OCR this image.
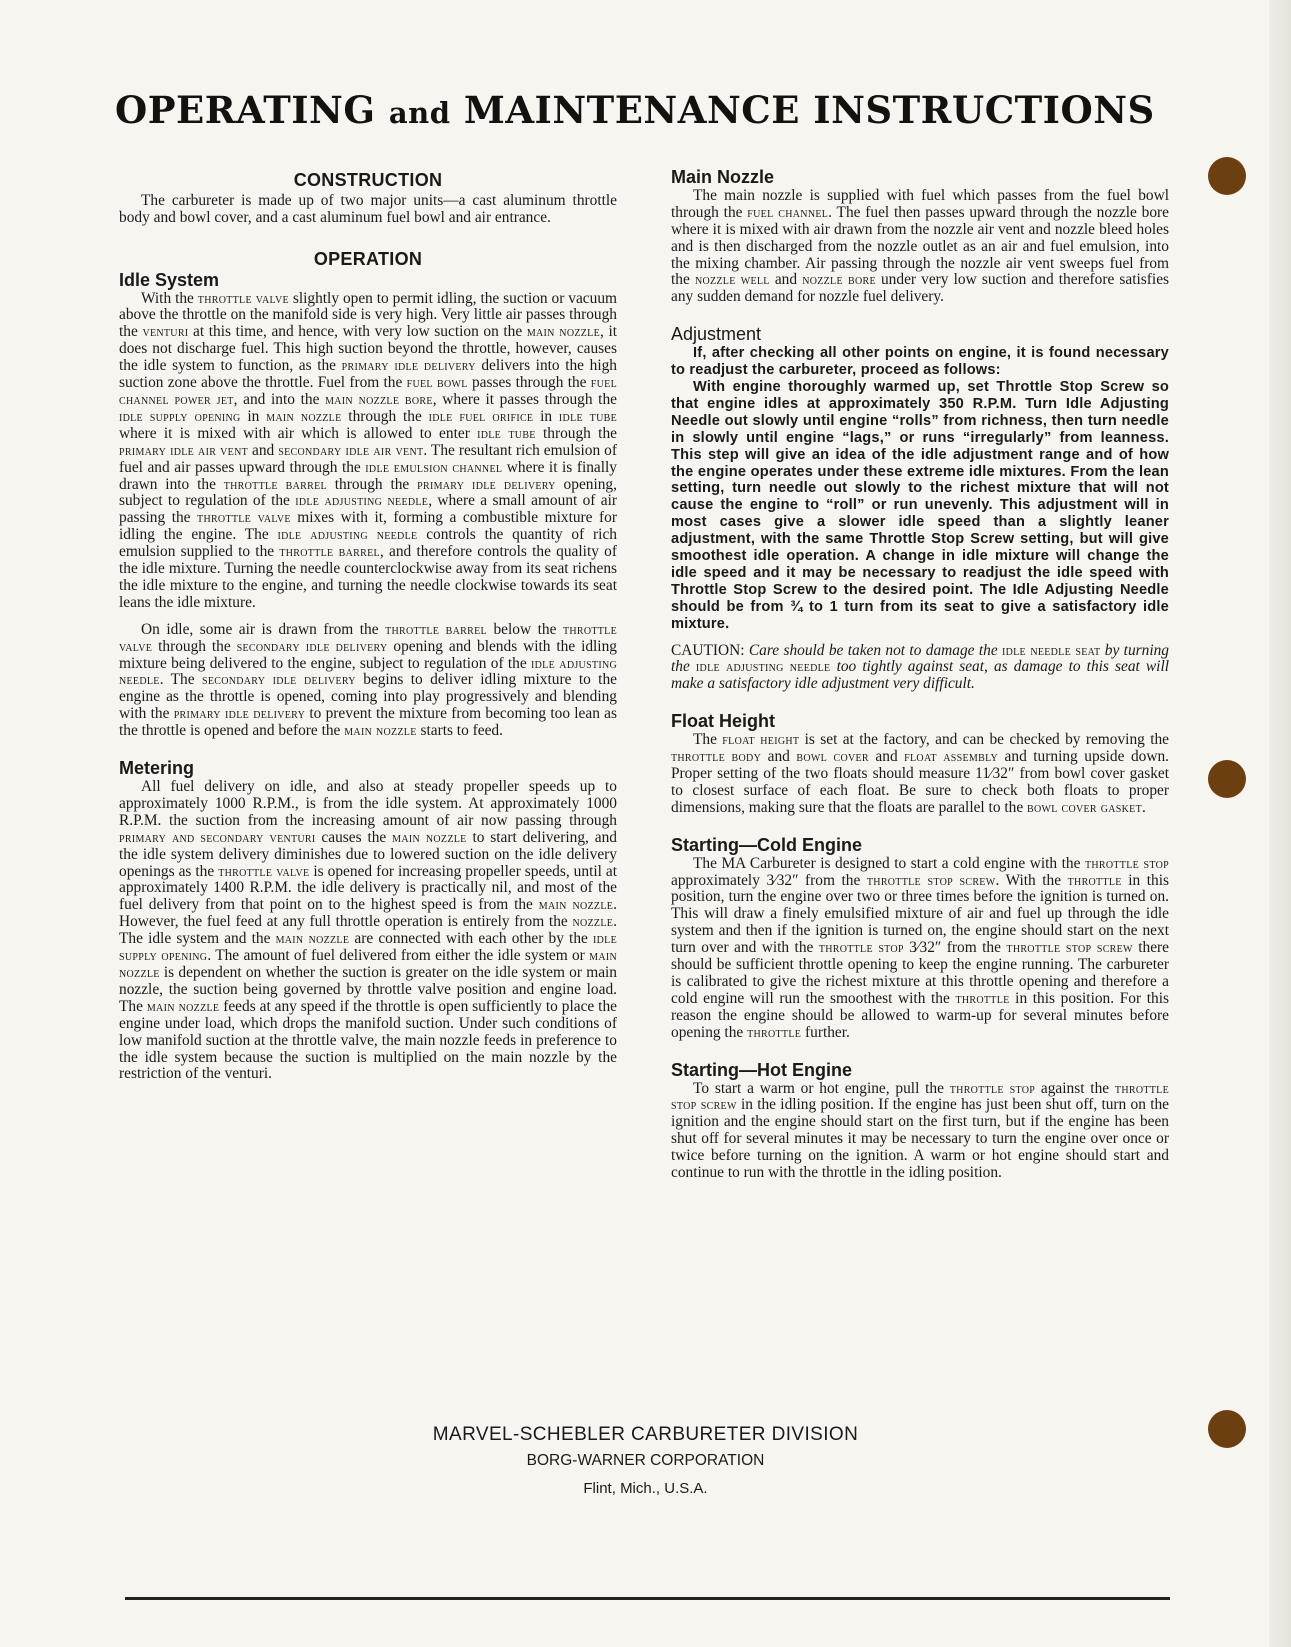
OPERATING and MAINTENANCE INSTRUCTIONS
CONSTRUCTION

The carbureter is made up of two major units—a cast aluminum throttle body and bowl cover, and a cast aluminum fuel bowl and air entrance.

OPERATION
Idle System

With the throttle valve slightly open to permit idling, the suction or vacuum above the throttle on the manifold side is very high. Very little air passes through the venturi at this time, and hence, with very low suction on the main nozzle, it does not discharge fuel. This high suction beyond the throttle, however, causes the idle system to function, as the primary idle delivery delivers into the high suction zone above the throttle. Fuel from the fuel bowl passes through the fuel channel power jet, and into the main nozzle bore, where it passes through the idle supply opening in main nozzle through the idle fuel orifice in idle tube where it is mixed with air which is allowed to enter idle tube through the primary idle air vent and secondary idle air vent. The resultant rich emulsion of fuel and air passes upward through the idle emulsion channel where it is finally drawn into the throttle barrel through the primary idle delivery opening, subject to regulation of the idle adjusting needle, where a small amount of air passing the throttle valve mixes with it, forming a combustible mixture for idling the engine. The idle adjusting needle controls the quantity of rich emulsion supplied to the throttle barrel, and therefore controls the quality of the idle mixture. Turning the needle counterclockwise away from its seat richens the idle mixture to the engine, and turning the needle clockwise towards its seat leans the idle mixture.

On idle, some air is drawn from the throttle barrel below the throttle valve through the secondary idle delivery opening and blends with the idling mixture being delivered to the engine, subject to regulation of the idle adjusting needle. The secondary idle delivery begins to deliver idling mixture to the engine as the throttle is opened, coming into play progressively and blending with the primary idle delivery to prevent the mixture from becoming too lean as the throttle is opened and before the main nozzle starts to feed.

Metering

All fuel delivery on idle, and also at steady propeller speeds up to approximately 1000 R.P.M., is from the idle system. At approximately 1000 R.P.M. the suction from the increasing amount of air now passing through primary and secondary venturi causes the main nozzle to start delivering, and the idle system delivery diminishes due to lowered suction on the idle delivery openings as the throttle valve is opened for increasing propeller speeds, until at approximately 1400 R.P.M. the idle delivery is practically nil, and most of the fuel delivery from that point on to the highest speed is from the main nozzle. However, the fuel feed at any full throttle operation is entirely from the nozzle. The idle system and the main nozzle are connected with each other by the idle supply opening. The amount of fuel delivered from either the idle system or main nozzle is dependent on whether the suction is greater on the idle system or main nozzle, the suction being governed by throttle valve position and engine load. The main nozzle feeds at any speed if the throttle is open sufficiently to place the engine under load, which drops the manifold suction. Under such conditions of low manifold suction at the throttle valve, the main nozzle feeds in preference to the idle system because the suction is multiplied on the main nozzle by the restriction of the venturi.

Main Nozzle

The main nozzle is supplied with fuel which passes from the fuel bowl through the fuel channel. The fuel then passes upward through the nozzle bore where it is mixed with air drawn from the nozzle air vent and nozzle bleed holes and is then discharged from the nozzle outlet as an air and fuel emulsion, into the mixing chamber. Air passing through the nozzle air vent sweeps fuel from the nozzle well and nozzle bore under very low suction and therefore satisfies any sudden demand for nozzle fuel delivery.

Adjustment

If, after checking all other points on engine, it is found necessary to readjust the carbureter, proceed as follows:

With engine thoroughly warmed up, set Throttle Stop Screw so that engine idles at approximately 350 R.P.M. Turn Idle Adjusting Needle out slowly until engine “rolls” from richness, then turn needle in slowly until engine “lags,” or runs “irregularly” from leanness. This step will give an idea of the idle adjustment range and of how the engine operates under these extreme idle mixtures. From the lean setting, turn needle out slowly to the richest mixture that will not cause the engine to “roll” or run unevenly. This adjustment will in most cases give a slower idle speed than a slightly leaner adjustment, with the same Throttle Stop Screw setting, but will give smoothest idle operation. A change in idle mixture will change the idle speed and it may be necessary to readjust the idle speed with Throttle Stop Screw to the desired point. The Idle Adjusting Needle should be from ¾ to 1 turn from its seat to give a satisfactory idle mixture.

CAUTION: Care should be taken not to damage the idle needle seat by turning the idle adjusting needle too tightly against seat, as damage to this seat will make a satisfactory idle adjustment very difficult.

Float Height

The float height is set at the factory, and can be checked by removing the throttle body and bowl cover and float assembly and turning upside down. Proper setting of the two floats should measure 11⁄32″ from bowl cover gasket to closest surface of each float. Be sure to check both floats to proper dimensions, making sure that the floats are parallel to the bowl cover gasket.

Starting—Cold Engine

The MA Carbureter is designed to start a cold engine with the throttle stop approximately 3⁄32″ from the throttle stop screw. With the throttle in this position, turn the engine over two or three times before the ignition is turned on. This will draw a finely emulsified mixture of air and fuel up through the idle system and then if the ignition is turned on, the engine should start on the next turn over and with the throttle stop 3⁄32″ from the throttle stop screw there should be sufficient throttle opening to keep the engine running. The carbureter is calibrated to give the richest mixture at this throttle opening and therefore a cold engine will run the smoothest with the throttle in this position. For this reason the engine should be allowed to warm-up for several minutes before opening the throttle further.

Starting—Hot Engine

To start a warm or hot engine, pull the throttle stop against the throttle stop screw in the idling position. If the engine has just been shut off, turn on the ignition and the engine should start on the first turn, but if the engine has been shut off for several minutes it may be necessary to turn the engine over once or twice before turning on the ignition. A warm or hot engine should start and continue to run with the throttle in the idling position.

MARVEL-SCHEBLER CARBURETER DIVISION
BORG-WARNER CORPORATION
Flint, Mich., U.S.A.
